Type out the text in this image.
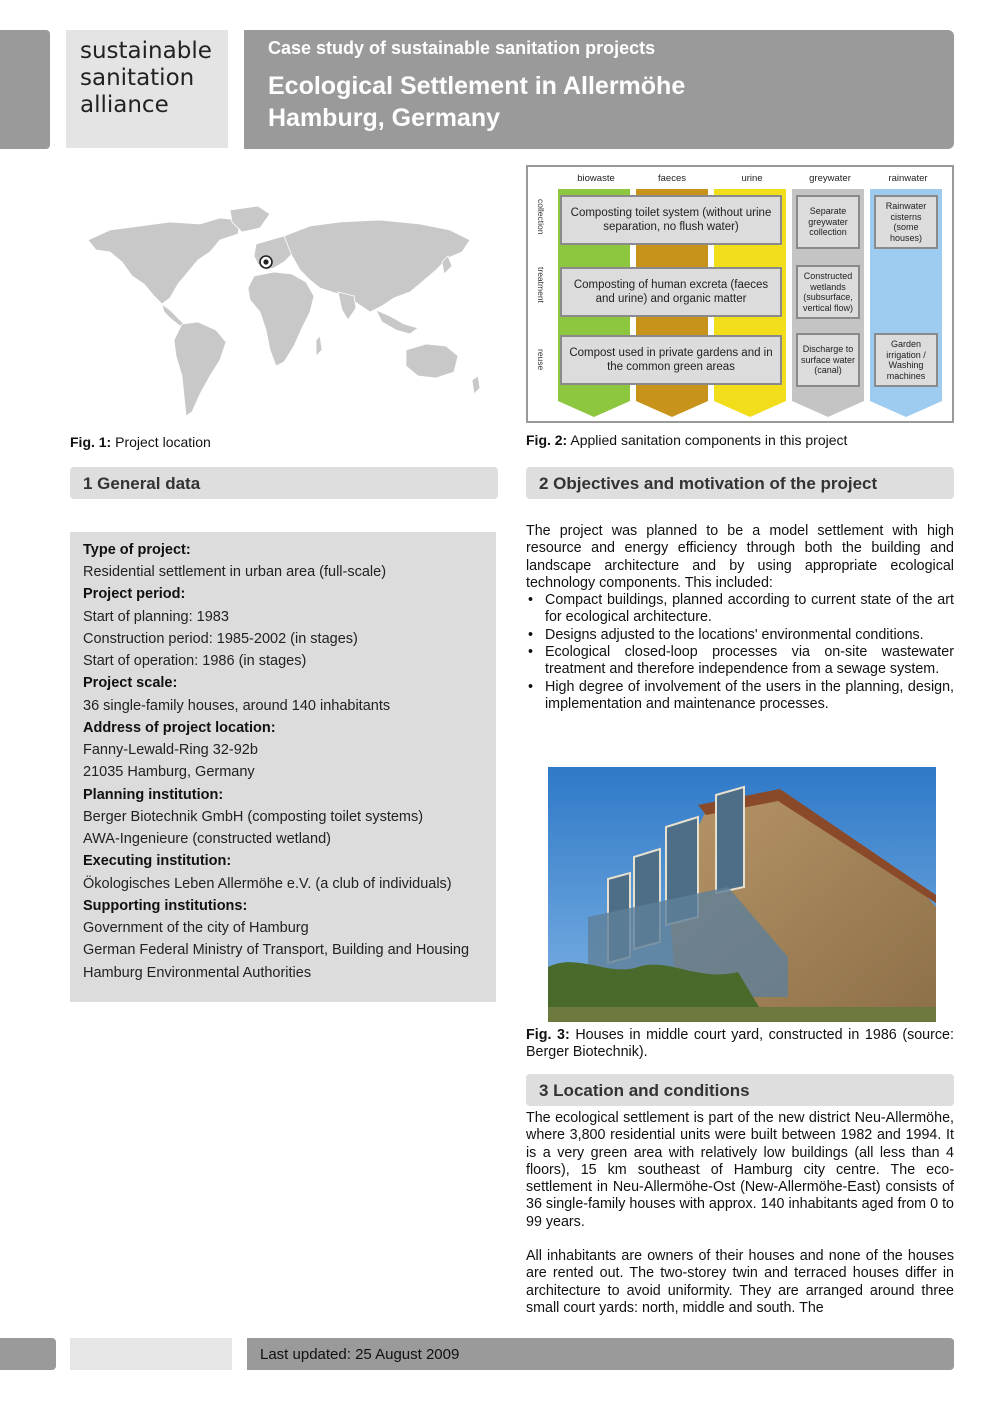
sustainable
sanitation
alliance
Case study of sustainable sanitation projects
Ecological Settlement in Allermöhe
Hamburg, Germany
biowaste	faeces	urine	greywater	rainwater
collection
treatment
reuse
Composting toilet system (without urine separation, no flush water)
Composting of human excreta (faeces and urine) and organic matter
Compost used in private gardens and in the common green areas
Separate greywater collection
Constructed wetlands (subsurface, vertical flow)
Discharge to surface water (canal)
Rainwater cisterns (some houses)
Garden irrigation / Washing machines
Fig. 1: Project location	Fig. 2: Applied sanitation components in this project
1 General data	2 Objectives and motivation of the project
Type of project:
Residential settlement in urban area (full-scale)
Project period:
Start of planning: 1983
Construction period: 1985-2002 (in stages)
Start of operation: 1986 (in stages)
Project scale:
36 single-family houses, around 140 inhabitants
Address of project location:
Fanny-Lewald-Ring 32-92b
21035 Hamburg, Germany
Planning institution:
Berger Biotechnik GmbH (composting toilet systems)
AWA-Ingenieure (constructed wetland)
Executing institution:
Ökologisches Leben Allermöhe e.V. (a club of individuals)
Supporting institutions:
Government of the city of Hamburg
German Federal Ministry of Transport, Building and Housing
Hamburg Environmental Authorities
The project was planned to be a model settlement with high resource and energy efficiency through both the building and landscape architecture and by using appropriate ecological technology components. This included:
• Compact buildings, planned according to current state of the art for ecological architecture.
• Designs adjusted to the locations' environmental conditions.
• Ecological closed-loop processes via on-site wastewater treatment and therefore independence from a sewage system.
• High degree of involvement of the users in the planning, design, implementation and maintenance processes.
Fig. 3: Houses in middle court yard, constructed in 1986 (source: Berger Biotechnik).
3 Location and conditions
The ecological settlement is part of the new district Neu-Allermöhe, where 3,800 residential units were built between 1982 and 1994. It is a very green area with relatively low buildings (all less than 4 floors), 15 km southeast of Hamburg city centre. The eco-settlement in Neu-Allermöhe-Ost (New-Allermöhe-East) consists of 36 single-family houses with approx. 140 inhabitants aged from 0 to 99 years.
All inhabitants are owners of their houses and none of the houses are rented out. The two-storey twin and terraced houses differ in architecture to avoid uniformity. They are arranged around three small court yards: north, middle and south. The
Last updated: 25 August 2009
